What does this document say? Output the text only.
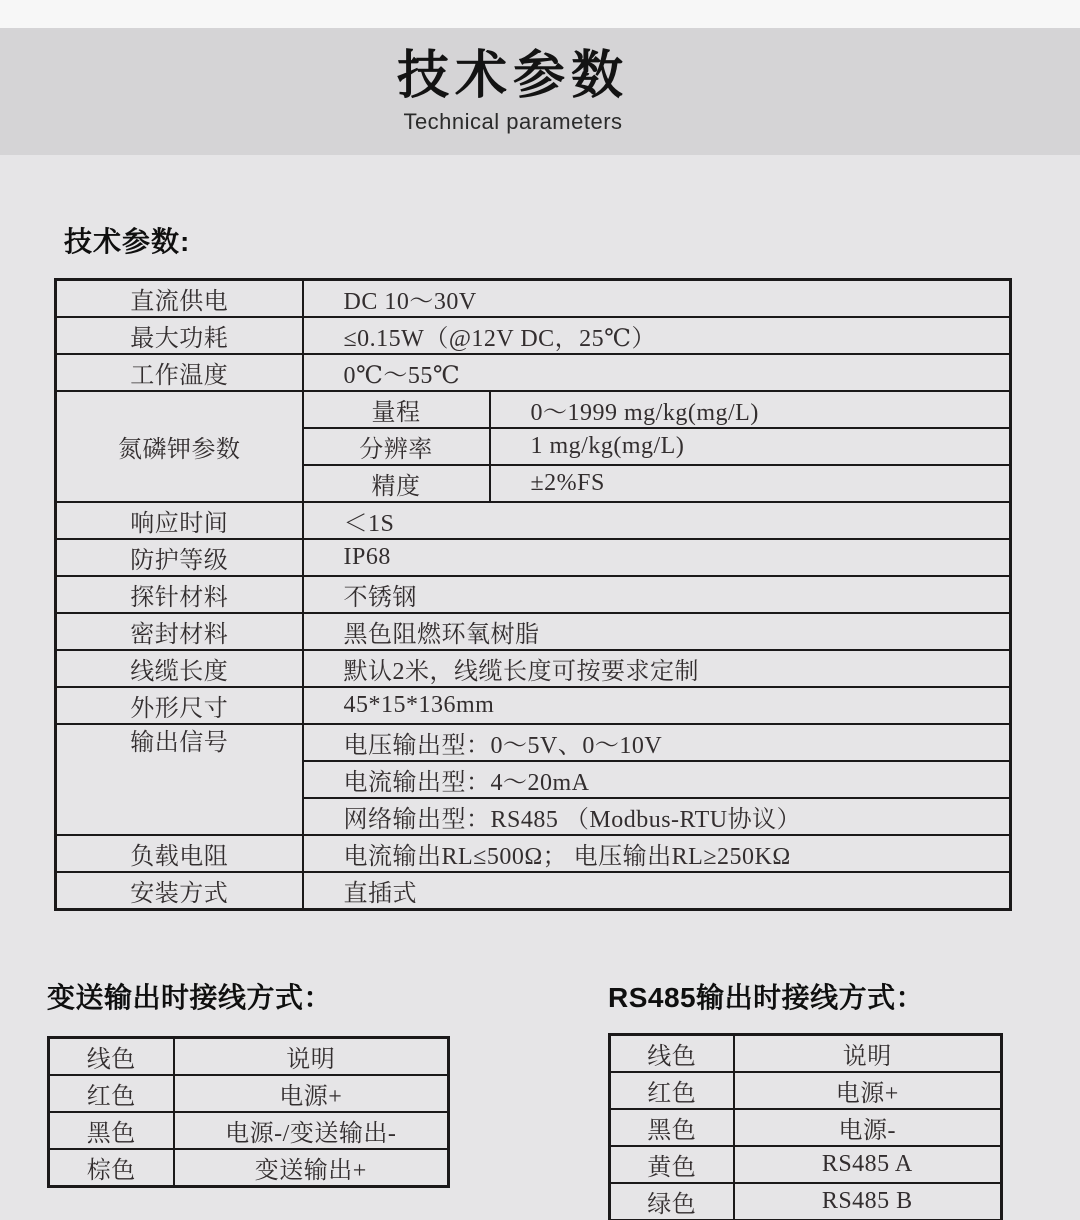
技术参数
Technical parameters
技术参数:
直流供电	DC 10～30V	
最大功耗	≤0.15W（@12V DC，25℃）	
工作温度	0℃～55℃	
氮磷钾参数	量程	0～1999 mg/kg(mg/L)
	分辨率	1 mg/kg(mg/L)
	精度	±2%FS
响应时间	＜1S	
防护等级	IP68	
探针材料	不锈钢	
密封材料	黑色阻燃环氧树脂	
线缆长度	默认2米，线缆长度可按要求定制	
外形尺寸	45*15*136mm	
输出信号	电压输出型：0～5V、0～10V	
	电流输出型：4～20mA	
	网络输出型：RS485 （Modbus-RTU协议）	
负载电阻	电流输出RL≤500Ω； 电压输出RL≥250KΩ	
安装方式	直插式	
变送输出时接线方式：
线色	说明
红色	电源+
黑色	电源-/变送输出-
棕色	变送输出+
RS485输出时接线方式：
线色	说明
红色	电源+
黑色	电源-
黄色	RS485 A
绿色	RS485 B
